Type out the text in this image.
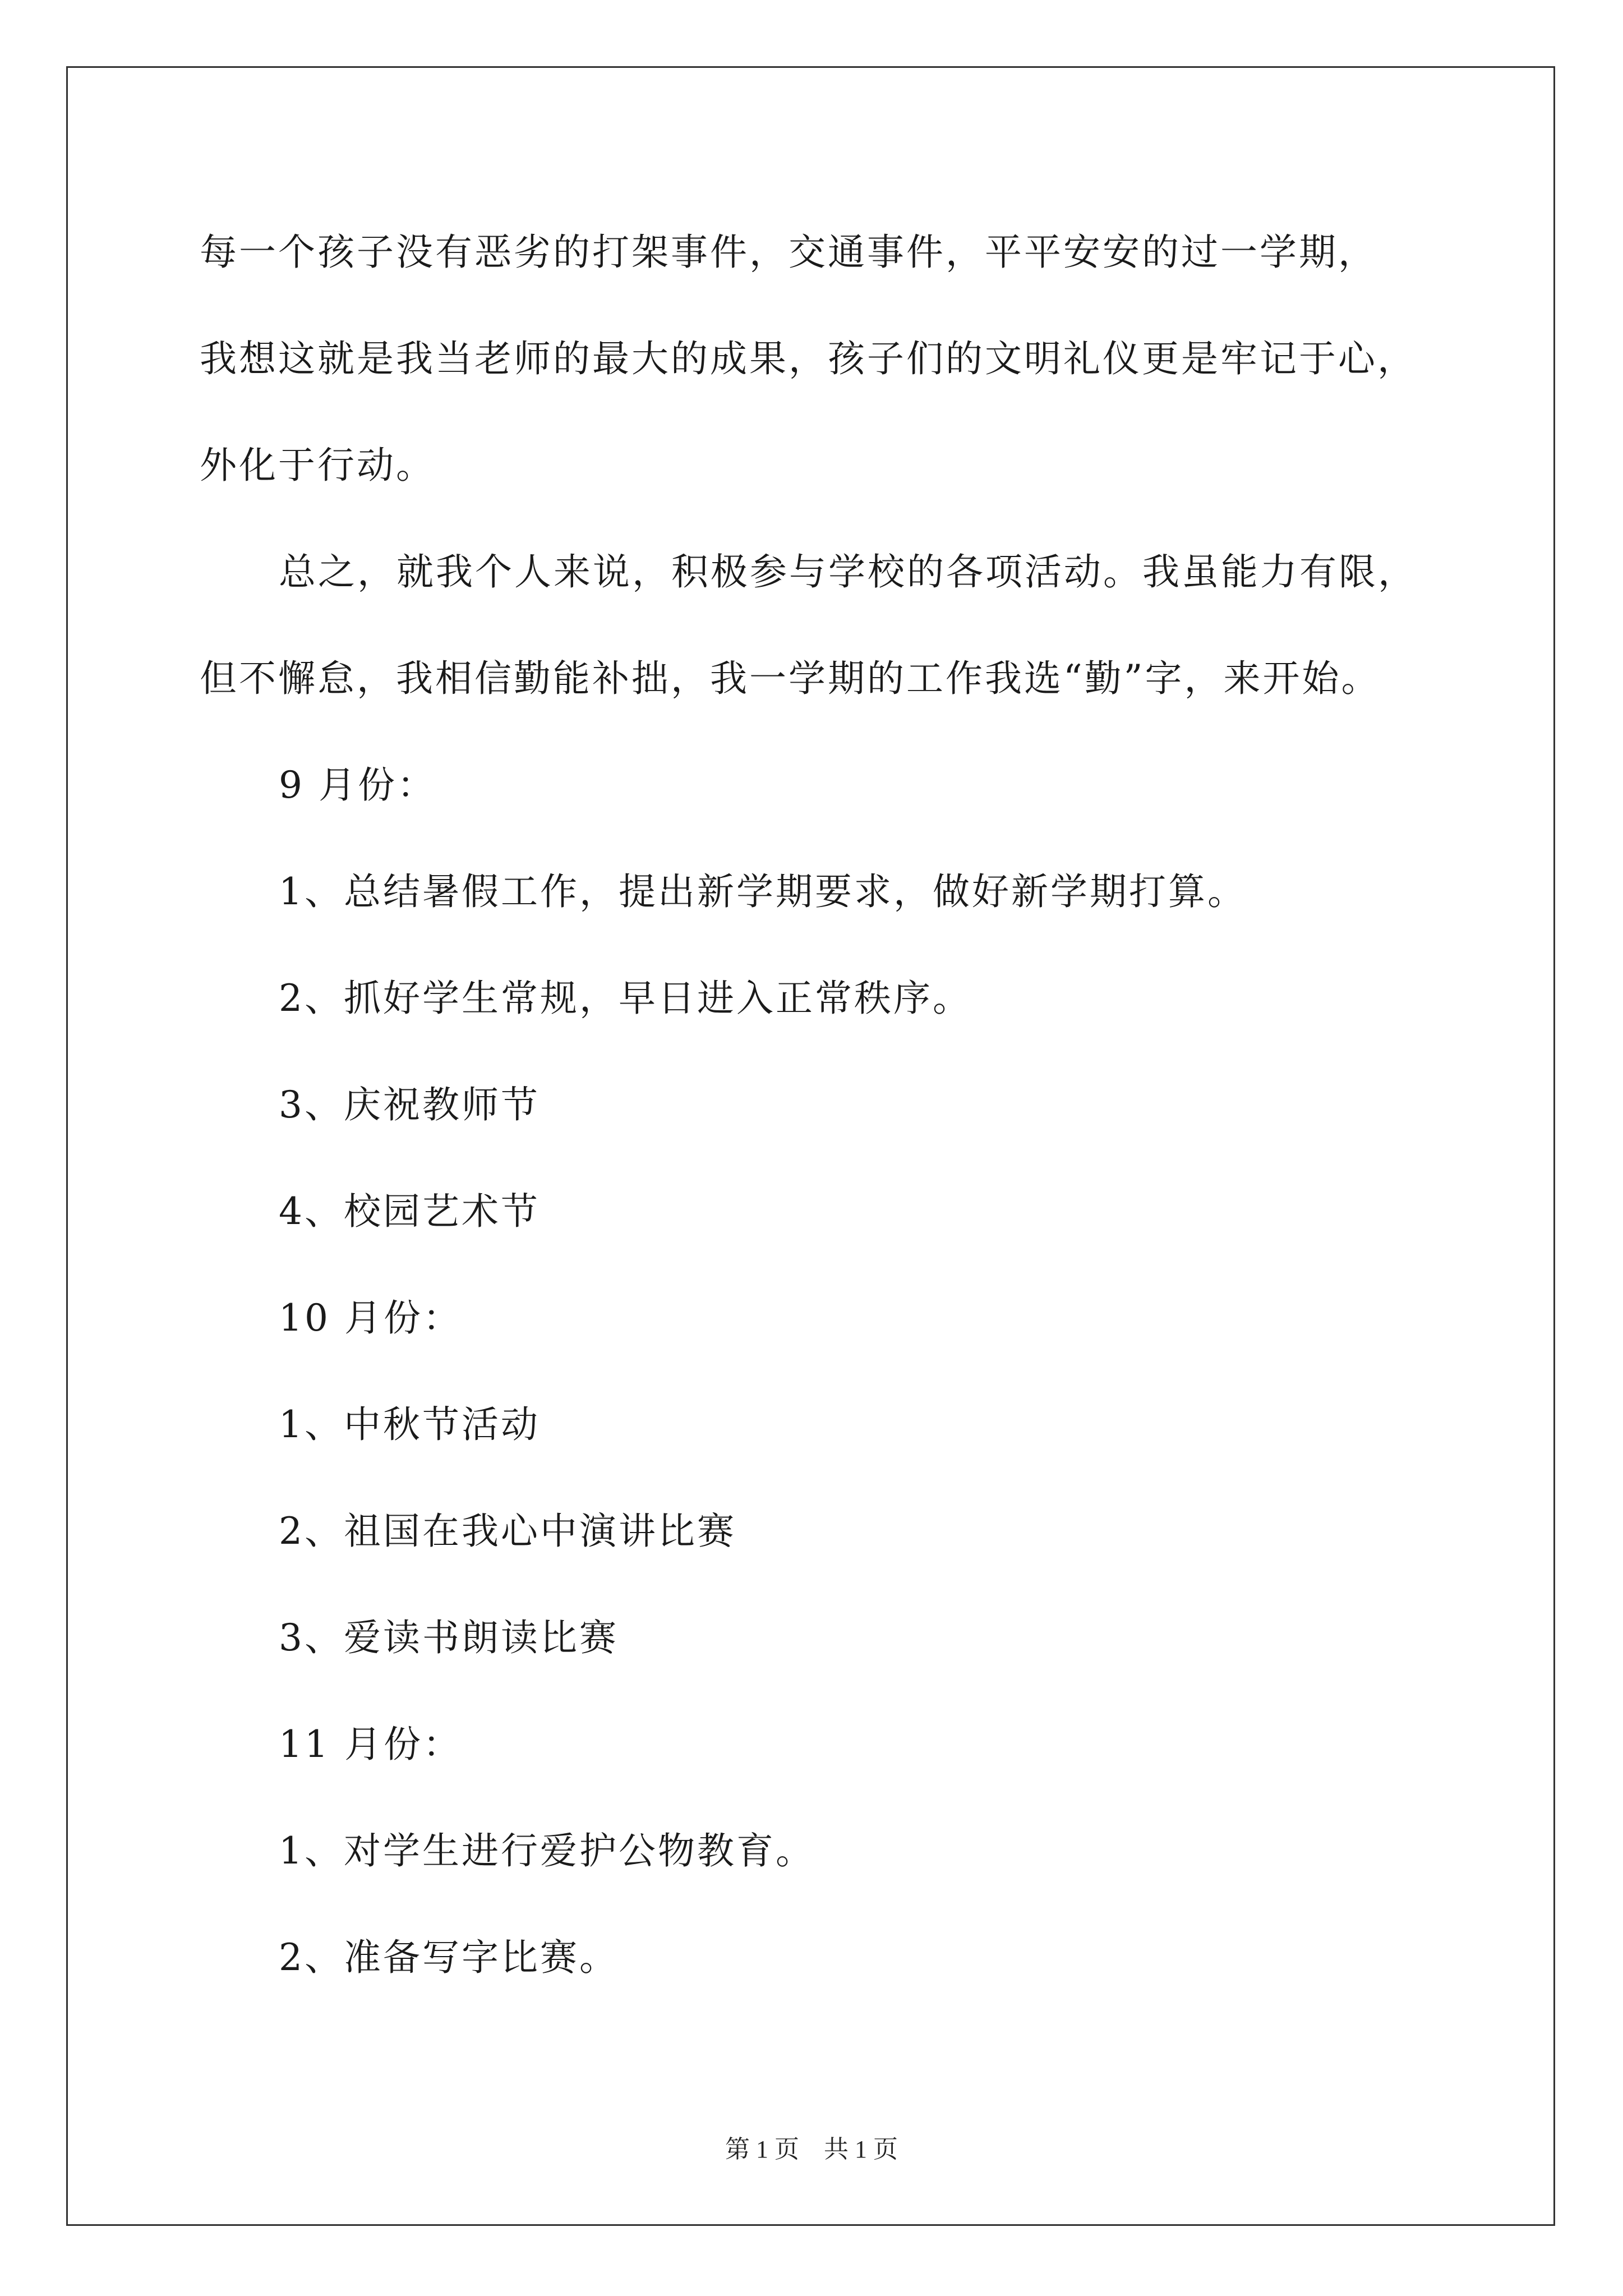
每一个孩子没有恶劣的打架事件，交通事件，平平安安的过一学期，
我想这就是我当老师的最大的成果，孩子们的文明礼仪更是牢记于心，
外化于行动。
总之，就我个人来说，积极参与学校的各项活动。我虽能力有限，
但不懈怠，我相信勤能补拙，我一学期的工作我选“勤”字，来开始。
9 月份：
1、总结暑假工作，提出新学期要求，做好新学期打算。
2、抓好学生常规，早日进入正常秩序。
3、庆祝教师节
4、校园艺术节
10 月份：
1、中秋节活动
2、祖国在我心中演讲比赛
3、爱读书朗读比赛
11 月份：
1、对学生进行爱护公物教育。
2、准备写字比赛。
第 1 页    共 1 页
